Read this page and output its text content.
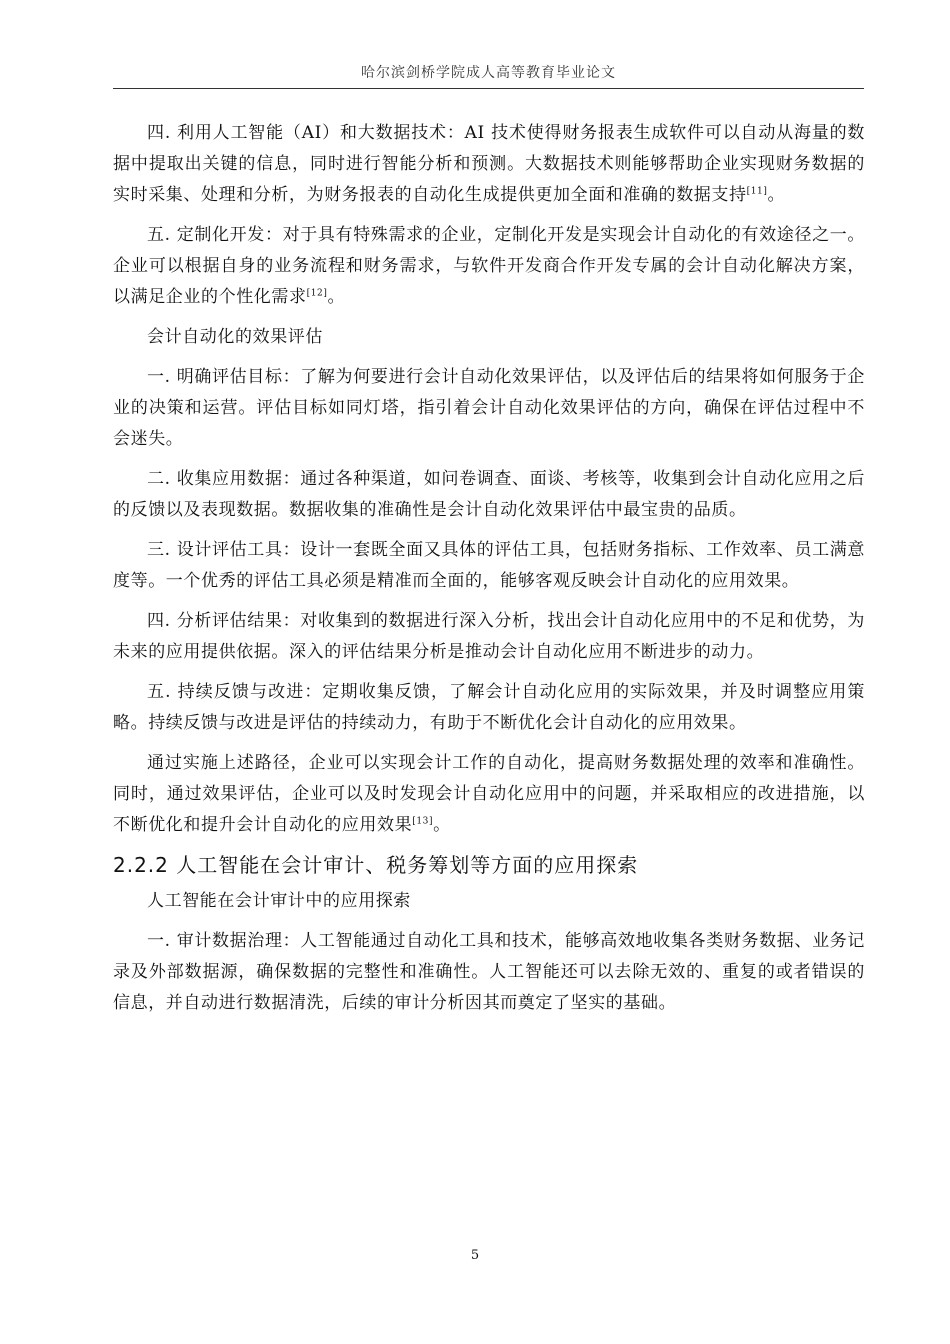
哈尔滨剑桥学院成人高等教育毕业论文

四. 利用人工智能（AI）和大数据技术：AI 技术使得财务报表生成软件可以自动从海量的数据中提取出关键的信息，同时进行智能分析和预测。大数据技术则能够帮助企业实现财务数据的实时采集、处理和分析，为财务报表的自动化生成提供更加全面和准确的数据支持[11]。

五. 定制化开发：对于具有特殊需求的企业，定制化开发是实现会计自动化的有效途径之一。企业可以根据自身的业务流程和财务需求，与软件开发商合作开发专属的会计自动化解决方案，以满足企业的个性化需求[12]。

会计自动化的效果评估

一. 明确评估目标：了解为何要进行会计自动化效果评估，以及评估后的结果将如何服务于企业的决策和运营。评估目标如同灯塔，指引着会计自动化效果评估的方向，确保在评估过程中不会迷失。

二. 收集应用数据：通过各种渠道，如问卷调查、面谈、考核等，收集到会计自动化应用之后的反馈以及表现数据。数据收集的准确性是会计自动化效果评估中最宝贵的品质。

三. 设计评估工具：设计一套既全面又具体的评估工具，包括财务指标、工作效率、员工满意度等。一个优秀的评估工具必须是精准而全面的，能够客观反映会计自动化的应用效果。

四. 分析评估结果：对收集到的数据进行深入分析，找出会计自动化应用中的不足和优势，为未来的应用提供依据。深入的评估结果分析是推动会计自动化应用不断进步的动力。

五. 持续反馈与改进：定期收集反馈，了解会计自动化应用的实际效果，并及时调整应用策略。持续反馈与改进是评估的持续动力，有助于不断优化会计自动化的应用效果。

通过实施上述路径，企业可以实现会计工作的自动化，提高财务数据处理的效率和准确性。同时，通过效果评估，企业可以及时发现会计自动化应用中的问题，并采取相应的改进措施，以不断优化和提升会计自动化的应用效果[13]。

2.2.2 人工智能在会计审计、税务筹划等方面的应用探索

人工智能在会计审计中的应用探索

一. 审计数据治理：人工智能通过自动化工具和技术，能够高效地收集各类财务数据、业务记录及外部数据源，确保数据的完整性和准确性。人工智能还可以去除无效的、重复的或者错误的信息，并自动进行数据清洗，后续的审计分析因其而奠定了坚实的基础。

5
